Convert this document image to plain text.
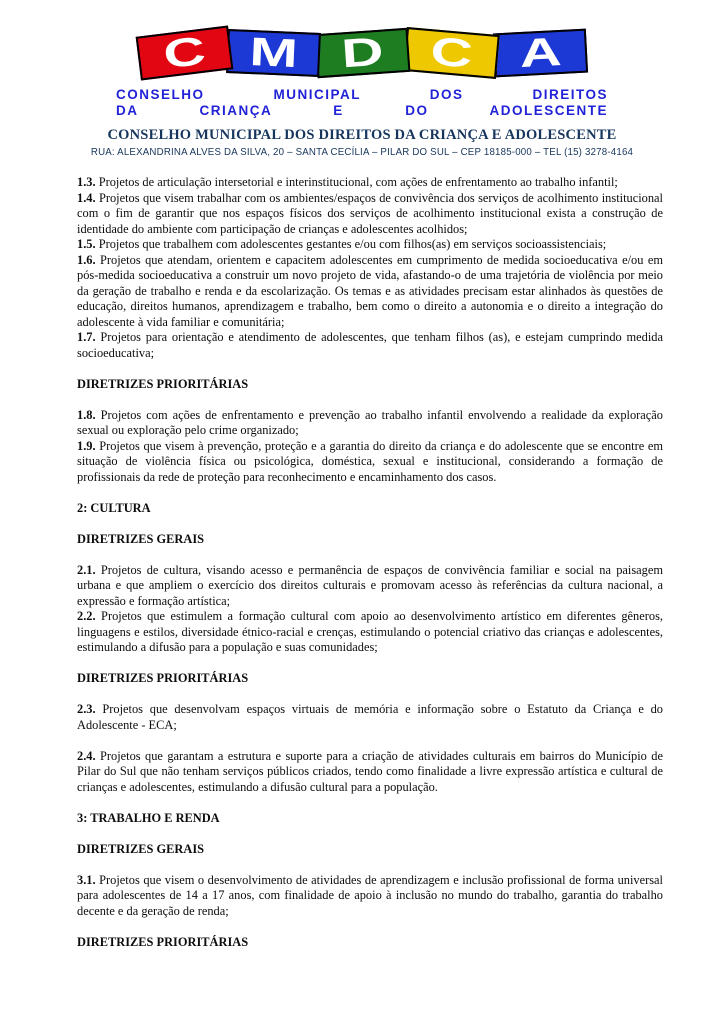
C M D C A
CONSELHO MUNICIPAL DOS DIREITOS
DA CRIANÇA E DO ADOLESCENTE
CONSELHO MUNICIPAL DOS DIREITOS DA CRIANÇA E ADOLESCENTE
RUA: ALEXANDRINA ALVES DA SILVA, 20 – SANTA CECÍLIA – PILAR DO SUL – CEP 18185-000 – TEL (15) 3278-4164

1.3. Projetos de articulação intersetorial e interinstitucional, com ações de enfrentamento ao trabalho infantil;

1.4. Projetos que visem trabalhar com os ambientes/espaços de convivência dos serviços de acolhimento institucional com o fim de garantir que nos espaços físicos dos serviços de acolhimento institucional exista a construção de identidade do ambiente com participação de crianças e adolescentes acolhidos;

1.5. Projetos que trabalhem com adolescentes gestantes e/ou com filhos(as) em serviços socioassistenciais;

1.6. Projetos que atendam, orientem e capacitem adolescentes em cumprimento de medida socioeducativa e/ou em pós-medida socioeducativa a construir um novo projeto de vida, afastando-o de uma trajetória de violência por meio da geração de trabalho e renda e da escolarização. Os temas e as atividades precisam estar alinhados às questões de educação, direitos humanos, aprendizagem e trabalho, bem como o direito a autonomia e o direito a integração do adolescente à vida familiar e comunitária;

1.7. Projetos para orientação e atendimento de adolescentes, que tenham filhos (as), e estejam cumprindo medida socioeducativa;

DIRETRIZES PRIORITÁRIAS

1.8. Projetos com ações de enfrentamento e prevenção ao trabalho infantil envolvendo a realidade da exploração sexual ou exploração pelo crime organizado;

1.9. Projetos que visem à prevenção, proteção e a garantia do direito da criança e do adolescente que se encontre em situação de violência física ou psicológica, doméstica, sexual e institucional, considerando a formação de profissionais da rede de proteção para reconhecimento e encaminhamento dos casos.

2: CULTURA

DIRETRIZES GERAIS

2.1. Projetos de cultura, visando acesso e permanência de espaços de convivência familiar e social na paisagem urbana e que ampliem o exercício dos direitos culturais e promovam acesso às referências da cultura nacional, a expressão e formação artística;

2.2. Projetos que estimulem a formação cultural com apoio ao desenvolvimento artístico em diferentes gêneros, linguagens e estilos, diversidade étnico-racial e crenças, estimulando o potencial criativo das crianças e adolescentes, estimulando a difusão para a população e suas comunidades;

DIRETRIZES PRIORITÁRIAS

2.3. Projetos que desenvolvam espaços virtuais de memória e informação sobre o Estatuto da Criança e do Adolescente - ECA;

2.4. Projetos que garantam a estrutura e suporte para a criação de atividades culturais em bairros do Município de Pilar do Sul que não tenham serviços públicos criados, tendo como finalidade a livre expressão artística e cultural de crianças e adolescentes, estimulando a difusão cultural para a população.

3: TRABALHO E RENDA

DIRETRIZES GERAIS

3.1. Projetos que visem o desenvolvimento de atividades de aprendizagem e inclusão profissional de forma universal para adolescentes de 14 a 17 anos, com finalidade de apoio à inclusão no mundo do trabalho, garantia do trabalho decente e da geração de renda;

DIRETRIZES PRIORITÁRIAS
